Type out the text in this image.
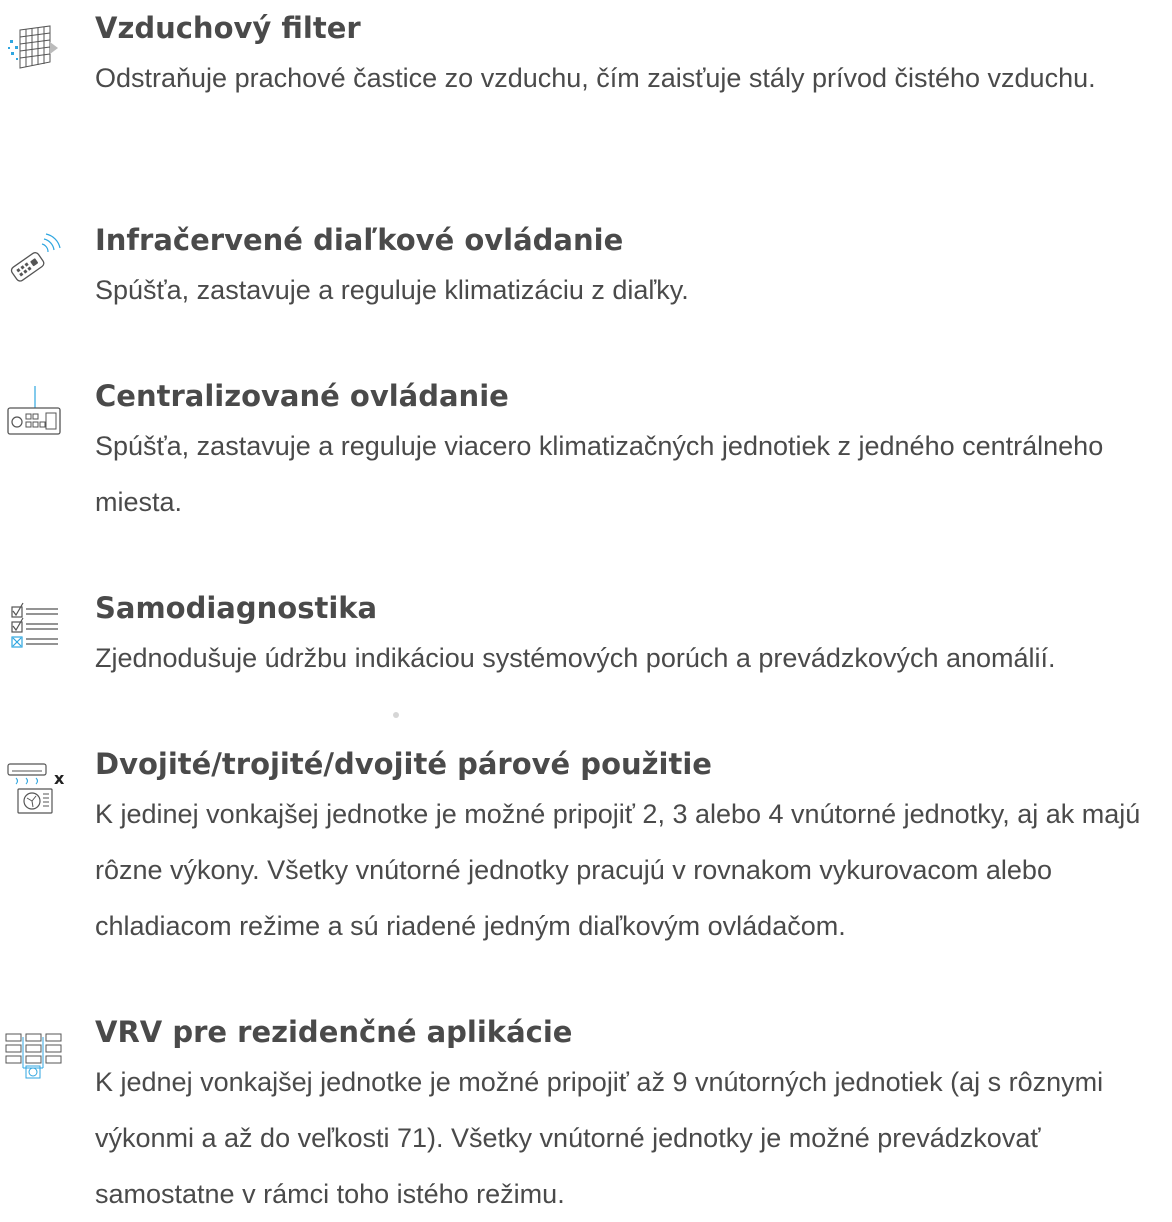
Vzduchový filter

Odstraňuje prachové častice zo vzduchu, čím zaisťuje stály prívod čistého vzduchu.

Infračervené diaľkové ovládanie

Spúšťa, zastavuje a reguluje klimatizáciu z diaľky.

Centralizované ovládanie

Spúšťa, zastavuje a reguluje viacero klimatizačných jednotiek z jedného centrálneho miesta.

Samodiagnostika

Zjednodušuje údržbu indikáciou systémových porúch a prevádzkových anomálií.

x Dvojité/trojité/dvojité párové použitie

K jedinej vonkajšej jednotke je možné pripojiť 2, 3 alebo 4 vnútorné jednotky, aj ak majú rôzne výkony. Všetky vnútorné jednotky pracujú v rovnakom vykurovacom alebo chladiacom režime a sú riadené jedným diaľkovým ovládačom.

VRV pre rezidenčné aplikácie

K jednej vonkajšej jednotke je možné pripojiť až 9 vnútorných jednotiek (aj s rôznymi výkonmi a až do veľkosti 71). Všetky vnútorné jednotky je možné prevádzkovať samostatne v rámci toho istého režimu.
